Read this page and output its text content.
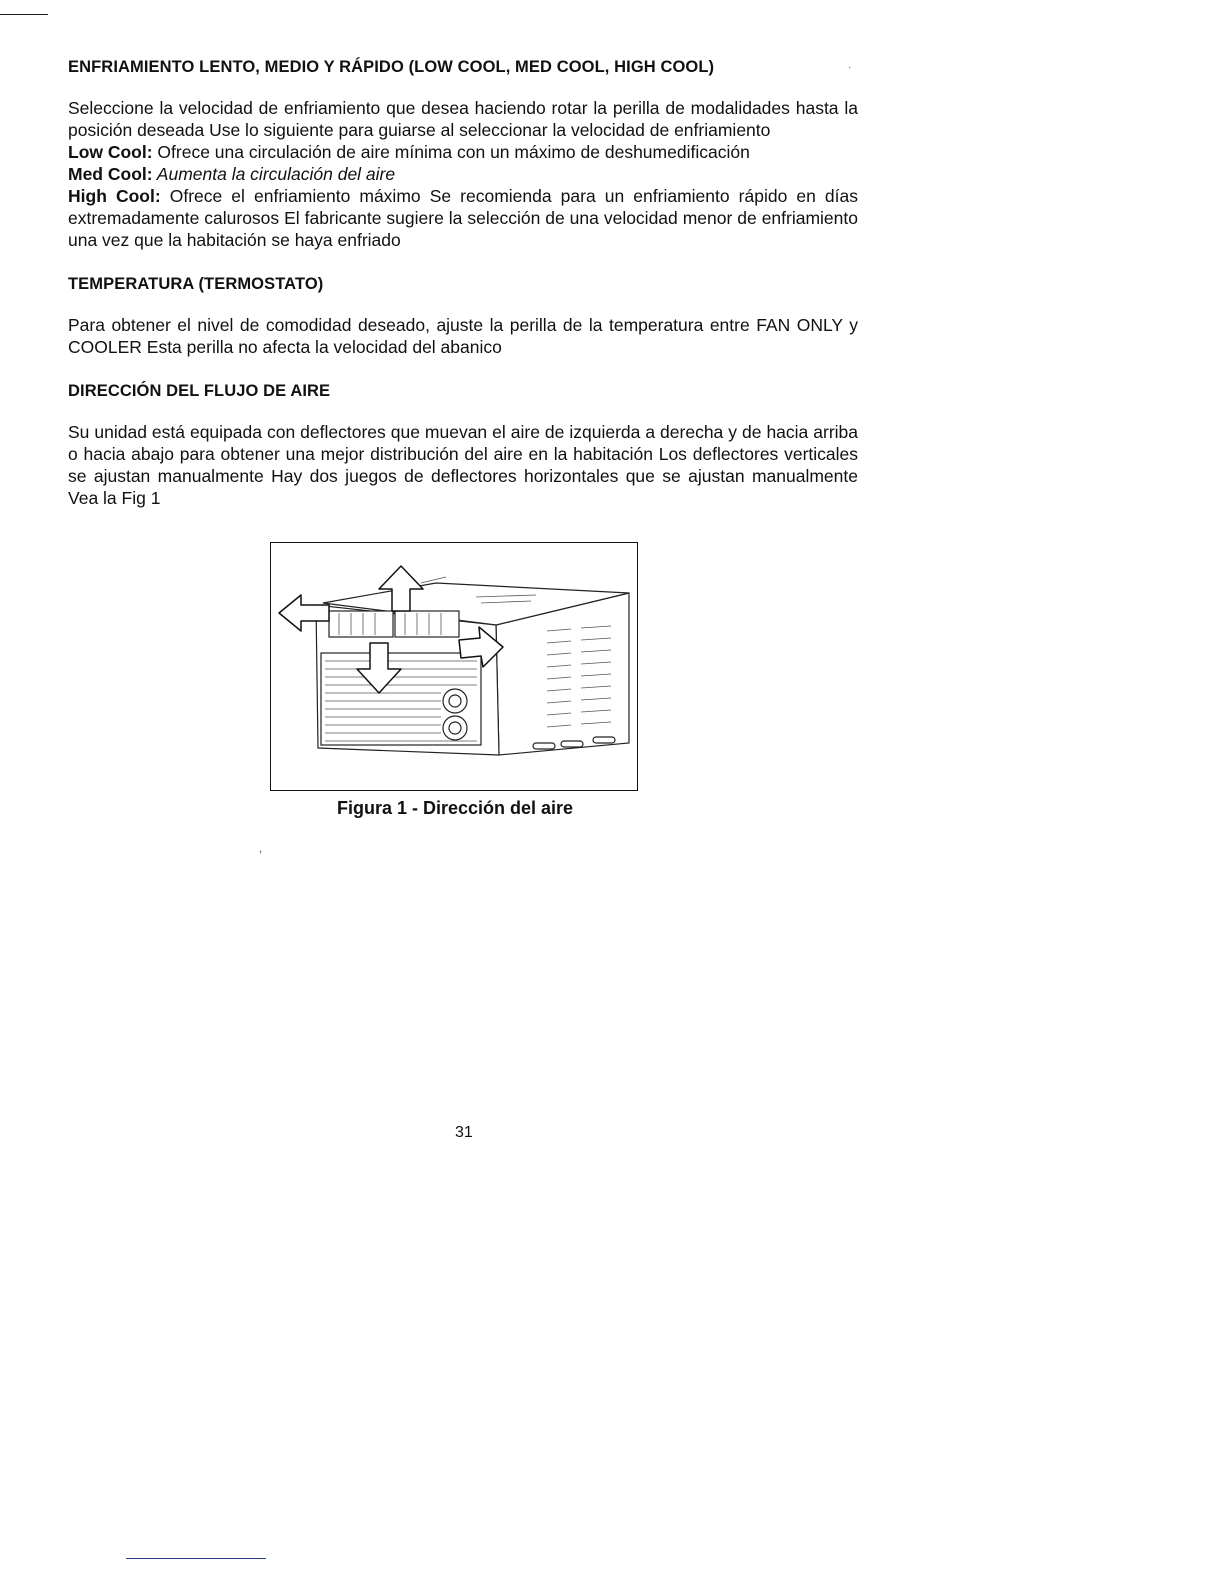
·
ENFRIAMIENTO LENTO, MEDIO Y RÁPIDO (LOW COOL, MED COOL, HIGH COOL)

Seleccione la velocidad de enfriamiento que desea haciendo rotar la perilla de modalidades hasta la posición deseada Use lo siguiente para guiarse al seleccionar la velocidad de enfriamiento

Low Cool: Ofrece una circulación de aire mínima con un máximo de deshumedificación

Med Cool: Aumenta la circulación del aire

High Cool: Ofrece el enfriamiento máximo Se recomienda para un enfriamiento rápido en días extremadamente calurosos El fabricante sugiere la selección de una velocidad menor de enfriamiento una vez que la habitación se haya enfriado

TEMPERATURA (TERMOSTATO)

Para obtener el nivel de comodidad deseado, ajuste la perilla de la temperatura entre FAN ONLY y COOLER Esta perilla no afecta la velocidad del abanico

DIRECCIÓN DEL FLUJO DE AIRE

Su unidad está equipada con deflectores que muevan el aire de izquierda a derecha y de hacia arriba o hacia abajo para obtener una mejor distribución del aire en la habitación Los deflectores verticales se ajustan manualmente Hay dos juegos de deflectores horizontales que se ajustan manualmente Vea la Fig 1

Figura 1 - Dirección del aire
,
31
